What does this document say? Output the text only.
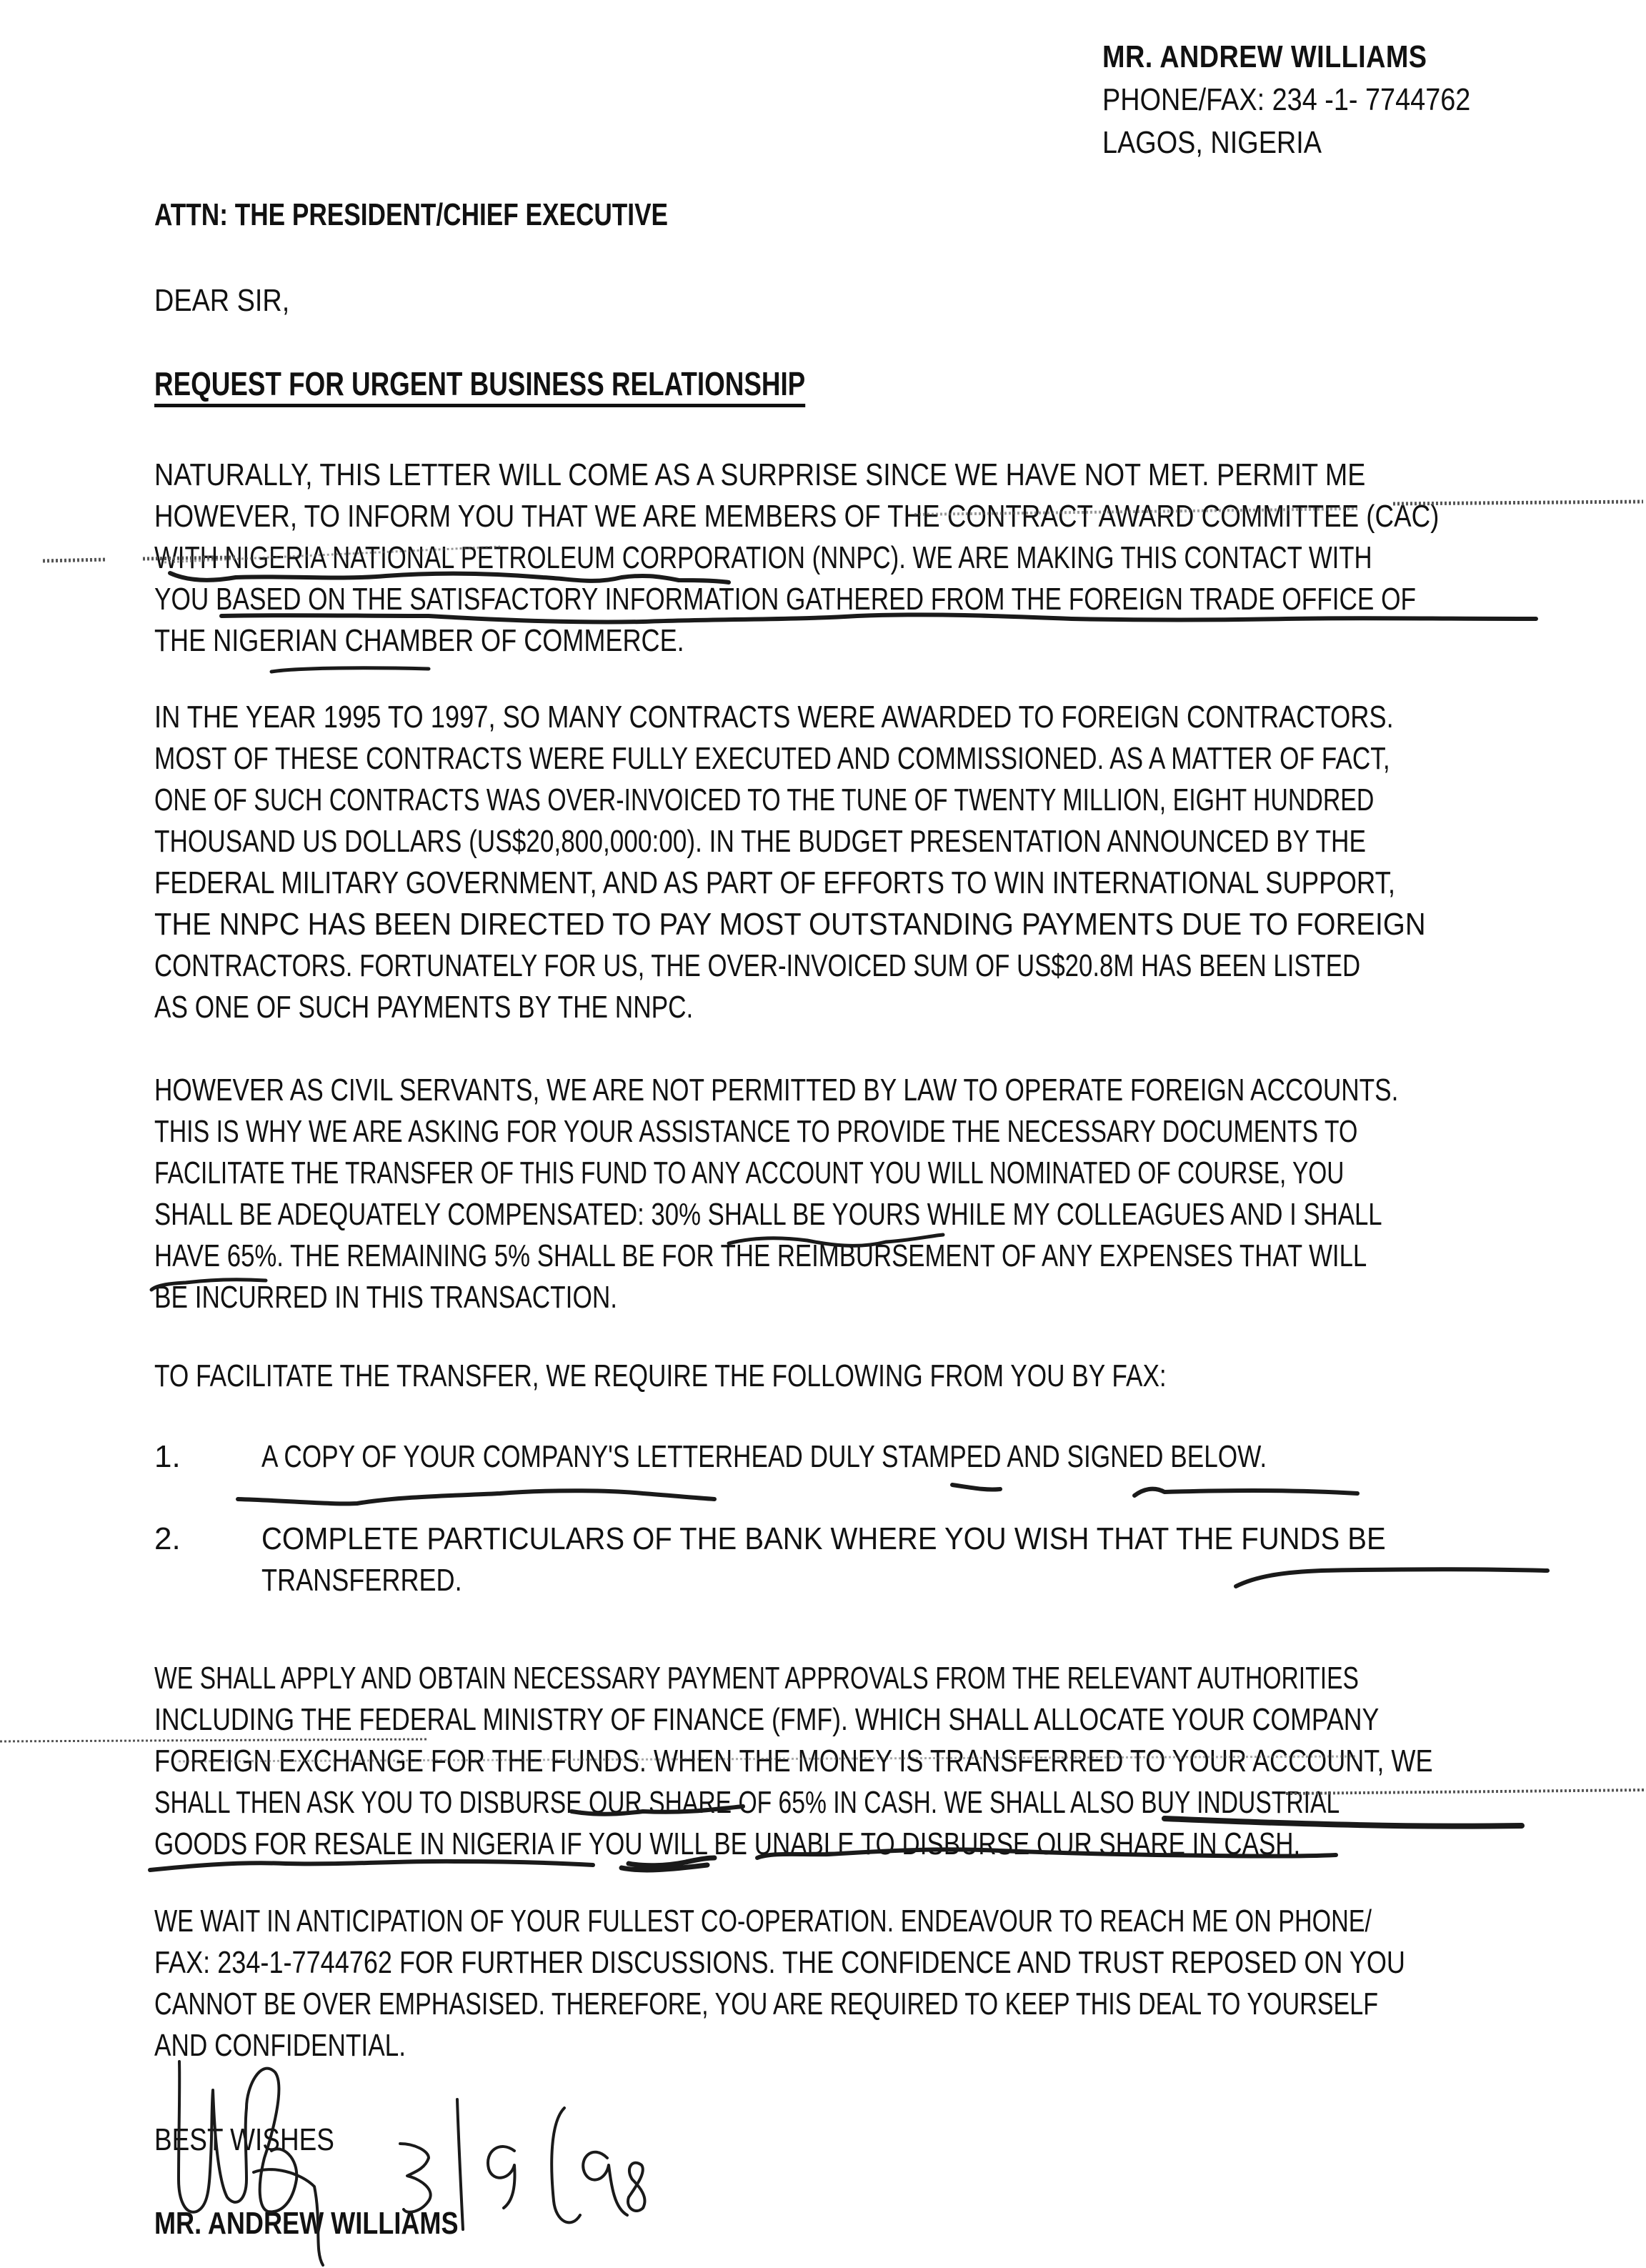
MR. ANDREW WILLIAMS
PHONE/FAX: 234 -1- 7744762
LAGOS, NIGERIA
ATTN: THE PRESIDENT/CHIEF EXECUTIVE
DEAR SIR,
REQUEST FOR URGENT BUSINESS RELATIONSHIP
NATURALLY, THIS LETTER WILL COME AS A SURPRISE SINCE WE HAVE NOT MET. PERMIT ME
HOWEVER, TO INFORM YOU THAT WE ARE MEMBERS OF THE CONTRACT AWARD COMMITTEE (CAC)
WITH NIGERIA NATIONAL PETROLEUM CORPORATION (NNPC). WE ARE MAKING THIS CONTACT WITH
YOU BASED ON THE SATISFACTORY INFORMATION GATHERED FROM THE FOREIGN TRADE OFFICE OF
THE NIGERIAN CHAMBER OF COMMERCE.
IN THE YEAR 1995 TO 1997, SO MANY CONTRACTS WERE AWARDED TO FOREIGN CONTRACTORS.
MOST OF THESE CONTRACTS WERE FULLY EXECUTED AND COMMISSIONED. AS A MATTER OF FACT,
ONE OF SUCH CONTRACTS WAS OVER-INVOICED TO THE TUNE OF TWENTY MILLION, EIGHT HUNDRED
THOUSAND US DOLLARS (US$20,800,000:00). IN THE BUDGET PRESENTATION ANNOUNCED BY THE
FEDERAL MILITARY GOVERNMENT, AND AS PART OF EFFORTS TO WIN INTERNATIONAL SUPPORT,
THE NNPC HAS BEEN DIRECTED TO PAY MOST OUTSTANDING PAYMENTS DUE TO FOREIGN
CONTRACTORS. FORTUNATELY FOR US, THE OVER-INVOICED SUM OF US$20.8M HAS BEEN LISTED
AS ONE OF SUCH PAYMENTS BY THE NNPC.
HOWEVER AS CIVIL SERVANTS, WE ARE NOT PERMITTED BY LAW TO OPERATE FOREIGN ACCOUNTS.
THIS IS WHY WE ARE ASKING FOR YOUR ASSISTANCE TO PROVIDE THE NECESSARY DOCUMENTS TO
FACILITATE THE TRANSFER OF THIS FUND TO ANY ACCOUNT YOU WILL NOMINATED OF COURSE, YOU
SHALL BE ADEQUATELY COMPENSATED: 30% SHALL BE YOURS WHILE MY COLLEAGUES AND I SHALL
HAVE 65%. THE REMAINING 5% SHALL BE FOR THE REIMBURSEMENT OF ANY EXPENSES THAT WILL
BE INCURRED IN THIS TRANSACTION.
TO FACILITATE THE TRANSFER, WE REQUIRE THE FOLLOWING FROM YOU BY FAX:
1.	A COPY OF YOUR COMPANY'S LETTERHEAD DULY STAMPED AND SIGNED BELOW.
2.	COMPLETE PARTICULARS OF THE BANK WHERE YOU WISH THAT THE FUNDS BE
TRANSFERRED.
WE SHALL APPLY AND OBTAIN NECESSARY PAYMENT APPROVALS FROM THE RELEVANT AUTHORITIES
INCLUDING THE FEDERAL MINISTRY OF FINANCE (FMF). WHICH SHALL ALLOCATE YOUR COMPANY
FOREIGN EXCHANGE FOR THE FUNDS. WHEN THE MONEY IS TRANSFERRED TO YOUR ACCOUNT, WE
SHALL THEN ASK YOU TO DISBURSE OUR SHARE OF 65% IN CASH. WE SHALL ALSO BUY INDUSTRIAL
GOODS FOR RESALE IN NIGERIA IF YOU WILL BE UNABLE TO DISBURSE OUR SHARE IN CASH.
WE WAIT IN ANTICIPATION OF YOUR FULLEST CO-OPERATION. ENDEAVOUR TO REACH ME ON PHONE/
FAX: 234-1-7744762 FOR FURTHER DISCUSSIONS. THE CONFIDENCE AND TRUST REPOSED ON YOU
CANNOT BE OVER EMPHASISED. THEREFORE, YOU ARE REQUIRED TO KEEP THIS DEAL TO YOURSELF
AND CONFIDENTIAL.
BEST WISHES
MR. ANDREW WILLIAMS
